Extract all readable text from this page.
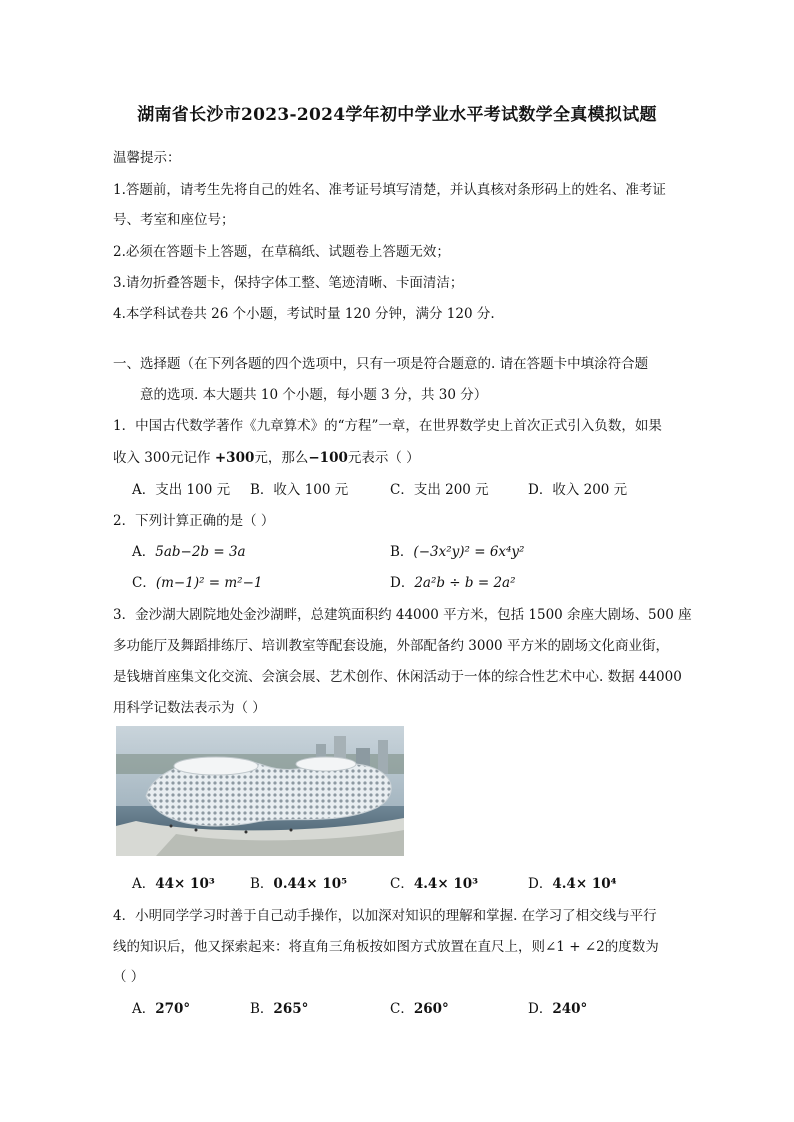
湖南省长沙市2023-2024学年初中学业水平考试数学全真模拟试题
温馨提示：
1.答题前，请考生先将自己的姓名、准考证号填写清楚，并认真核对条形码上的姓名、准考证
号、考室和座位号；
2.必须在答题卡上答题，在草稿纸、试题卷上答题无效；
3.请勿折叠答题卡，保持字体工整、笔迹清晰、卡面清洁；
4.本学科试卷共 26 个小题，考试时量 120 分钟，满分 120 分.
一、选择题（在下列各题的四个选项中，只有一项是符合题意的. 请在答题卡中填涂符合题
意的选项. 本大题共 10 个小题，每小题 3 分，共 30 分）
1．中国古代数学著作《九章算术》的“方程”一章，在世界数学史上首次正式引入负数，如果
收入 300元记作 +300元，那么−100元表示（ ）
A．支出 100 元 B．收入 100 元	C．支出 200 元	D．收入 200 元
2．下列计算正确的是（ ）
A．5ab−2b = 3a	B．(−3x²y)² = 6x⁴y²
C．(m−1)² = m²−1	D．2a²b ÷ b = 2a²
3．金沙湖大剧院地处金沙湖畔，总建筑面积约 44000 平方米，包括 1500 余座大剧场、500 座
多功能厅及舞蹈排练厅、培训教室等配套设施，外部配备约 3000 平方米的剧场文化商业街，
是钱塘首座集文化交流、会演会展、艺术创作、休闲活动于一体的综合性艺术中心. 数据 44000
用科学记数法表示为（ ）
A．44× 10³	B．0.44× 10⁵	C．4.4× 10³	D．4.4× 10⁴
4．小明同学学习时善于自己动手操作，以加深对知识的理解和掌握. 在学习了相交线与平行
线的知识后，他又探索起来：将直角三角板按如图方式放置在直尺上，则∠1 + ∠2的度数为
（ ）
A．270°	B．265°	C．260°	D．240°
